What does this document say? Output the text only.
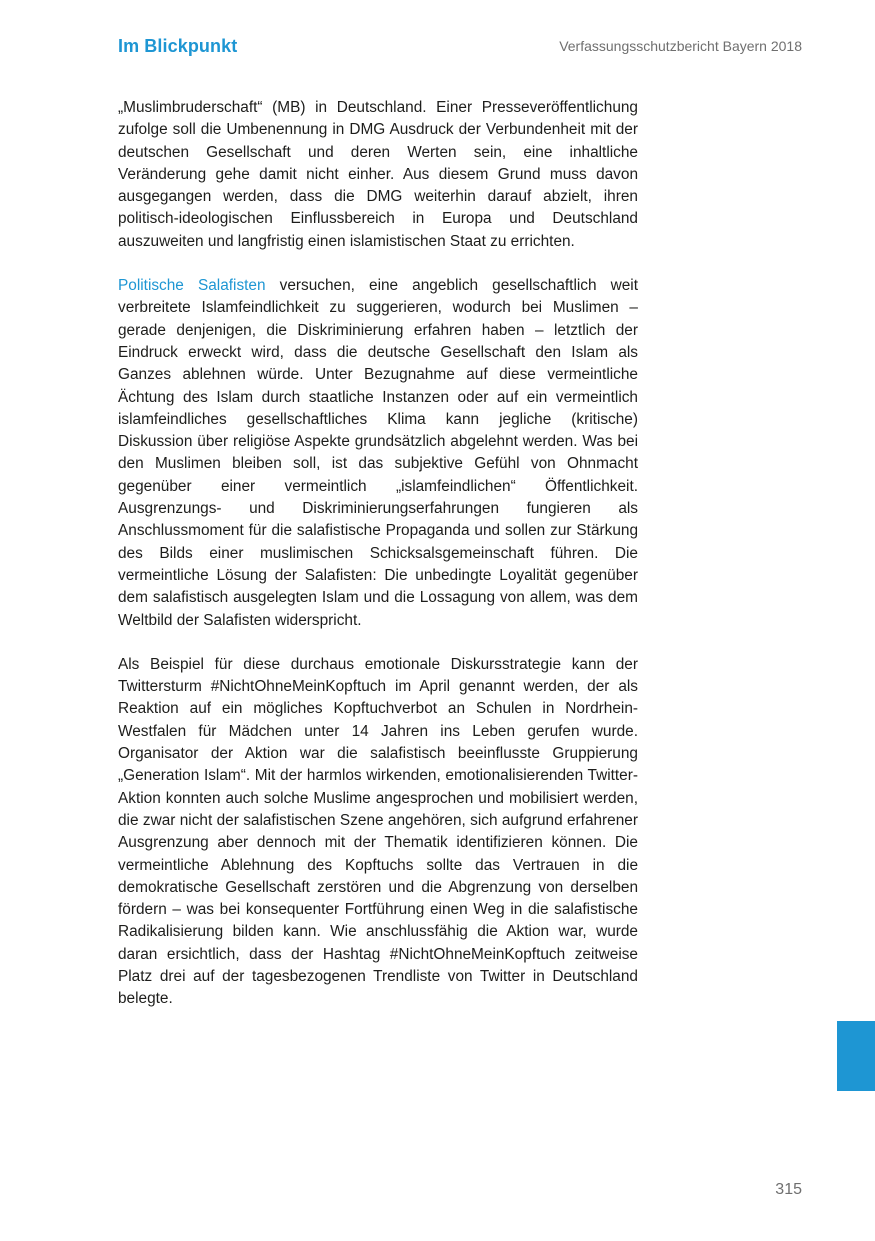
Im Blickpunkt	Verfassungsschutzbericht Bayern 2018

„Muslimbruderschaft“ (MB) in Deutschland. Einer Presseveröffentlichung zufolge soll die Umbenennung in DMG Ausdruck der Verbundenheit mit der deutschen Gesellschaft und deren Werten sein, eine inhaltliche Veränderung gehe damit nicht einher. Aus diesem Grund muss davon ausgegangen werden, dass die DMG weiterhin darauf abzielt, ihren politisch-ideologischen Einflussbereich in Europa und Deutschland auszuweiten und langfristig einen islamistischen Staat zu errichten.

Politische Salafisten versuchen, eine angeblich gesellschaftlich weit verbreitete Islamfeindlichkeit zu suggerieren, wodurch bei Muslimen – gerade denjenigen, die Diskriminierung erfahren haben – letztlich der Eindruck erweckt wird, dass die deutsche Gesellschaft den Islam als Ganzes ablehnen würde. Unter Bezugnahme auf diese vermeintliche Ächtung des Islam durch staatliche Instanzen oder auf ein vermeintlich islamfeindliches gesellschaftliches Klima kann jegliche (kritische) Diskussion über religiöse Aspekte grundsätzlich abgelehnt werden. Was bei den Muslimen bleiben soll, ist das subjektive Gefühl von Ohnmacht gegenüber einer vermeintlich „islamfeindlichen“ Öffentlichkeit. Ausgrenzungs- und Diskriminierungserfahrungen fungieren als Anschlussmoment für die salafistische Propaganda und sollen zur Stärkung des Bilds einer muslimischen Schicksalsgemeinschaft führen. Die vermeintliche Lösung der Salafisten: Die unbedingte Loyalität gegenüber dem salafistisch ausgelegten Islam und die Lossagung von allem, was dem Weltbild der Salafisten widerspricht.

Als Beispiel für diese durchaus emotionale Diskursstrategie kann der Twittersturm #NichtOhneMeinKopftuch im April genannt werden, der als Reaktion auf ein mögliches Kopftuchverbot an Schulen in Nordrhein-Westfalen für Mädchen unter 14 Jahren ins Leben gerufen wurde. Organisator der Aktion war die salafistisch beeinflusste Gruppierung „Generation Islam“. Mit der harmlos wirkenden, emotionalisierenden Twitter-Aktion konnten auch solche Muslime angesprochen und mobilisiert werden, die zwar nicht der salafistischen Szene angehören, sich aufgrund erfahrener Ausgrenzung aber dennoch mit der Thematik identifizieren können. Die vermeintliche Ablehnung des Kopftuchs sollte das Vertrauen in die demokratische Gesellschaft zerstören und die Abgrenzung von derselben fördern – was bei konsequenter Fortführung einen Weg in die salafistische Radikalisierung bilden kann. Wie anschlussfähig die Aktion war, wurde daran ersichtlich, dass der Hashtag #NichtOhneMeinKopftuch zeitweise Platz drei auf der tagesbezogenen Trendliste von Twitter in Deutschland belegte.

315
